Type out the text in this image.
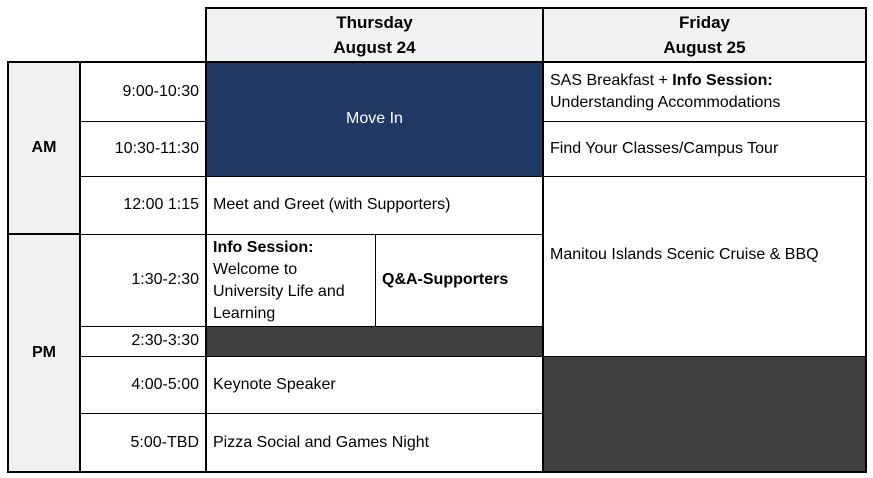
Thursday
August 24
Friday
August 25
AM
PM
9:00-10:30
10:30-11:30
12:00 1:15
1:30-2:30
2:30-3:30
4:00-5:00
5:00-TBD
Move In
Meet and Greet (with Supporters)
Info Session:
Welcome to University Life and Learning
Q&A-Supporters
Keynote Speaker
Pizza Social and Games Night
SAS Breakfast + Info Session:
Understanding Accommodations
Find Your Classes/Campus Tour
Manitou Islands Scenic Cruise & BBQ
